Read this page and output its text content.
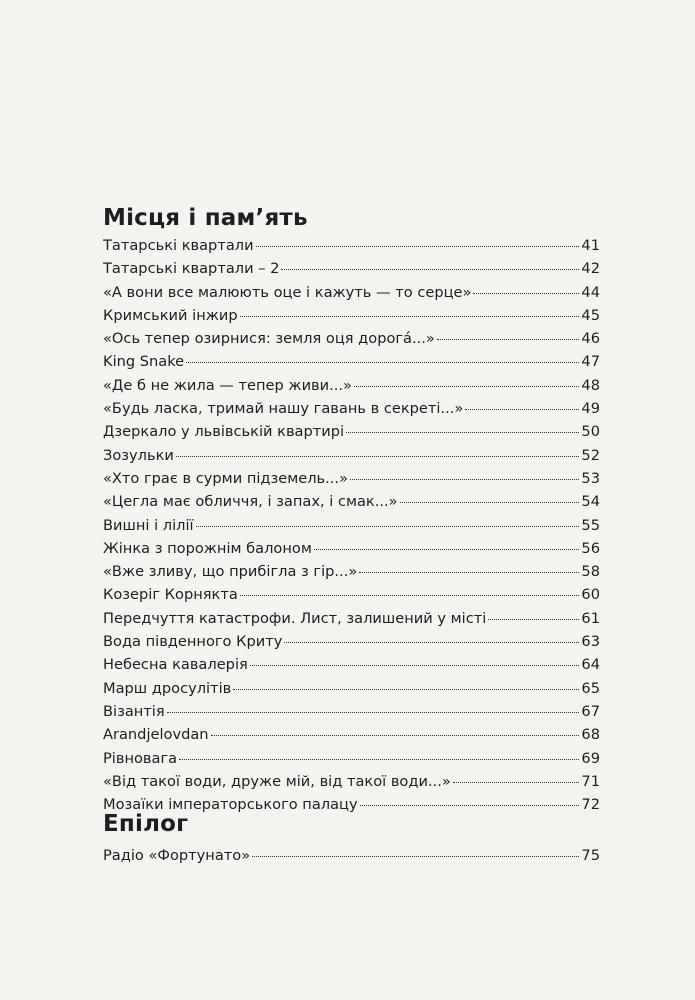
Місця і пам’ять
Татарські квартали	41
Татарські квартали – 2	42
«А вони все малюють оце і кажуть — то серце»	44
Кримський інжир	45
«Ось тепер озирнися: земля оця дорога́...»	46
King Snake	47
«Де б не жила — тепер живи...»	48
«Будь ласка, тримай нашу гавань в секреті...»	49
Дзеркало у львівській квартирі	50
Зозульки	52
«Хто грає в сурми підземель...»	53
«Цегла має обличчя, і запах, і смак...»	54
Вишні і лілії	55
Жінка з порожнім балоном	56
«Вже зливу, що прибігла з гір...»	58
Козеріг Корнякта	60
Передчуття катастрофи. Лист, залишений у місті	61
Вода південного Криту	63
Небесна кавалерія	64
Марш дросулітів	65
Візантія	67
Arandjelovdan	68
Рівновага	69
«Від такої води, друже мій, від такої води...»	71
Мозаїки імператорського палацу	72
Епілог
Радіо «Фортунато»	75
